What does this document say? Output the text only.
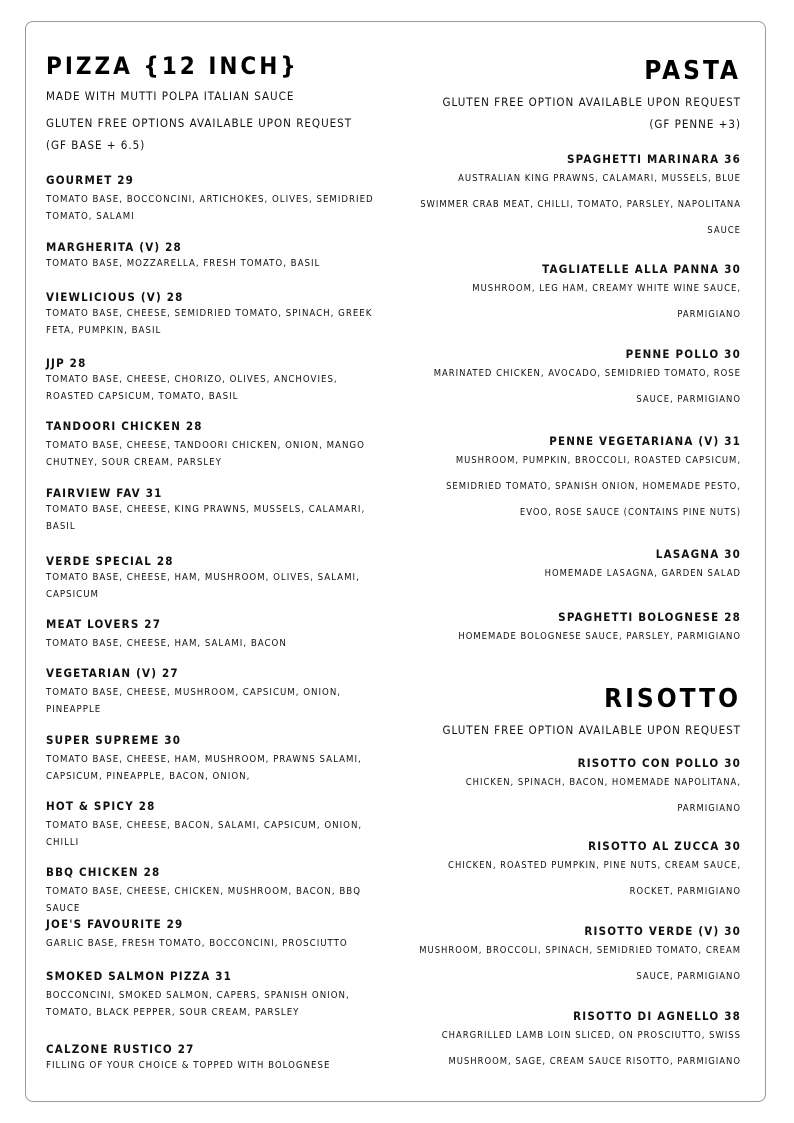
PIZZA {12 INCH}
MADE WITH MUTTI POLPA ITALIAN SAUCE
GLUTEN FREE OPTIONS AVAILABLE UPON REQUEST
(GF BASE + 6.5)
GOURMET 29
TOMATO BASE, BOCCONCINI, ARTICHOKES, OLIVES, SEMIDRIED TOMATO, SALAMI
MARGHERITA (V) 28
TOMATO BASE, MOZZARELLA, FRESH TOMATO, BASIL
VIEWLICIOUS (V) 28
TOMATO BASE, CHEESE, SEMIDRIED TOMATO, SPINACH, GREEK FETA, PUMPKIN, BASIL
JJP 28
TOMATO BASE, CHEESE, CHORIZO, OLIVES, ANCHOVIES, ROASTED CAPSICUM, TOMATO, BASIL
TANDOORI CHICKEN 28
TOMATO BASE, CHEESE, TANDOORI CHICKEN, ONION, MANGO CHUTNEY, SOUR CREAM, PARSLEY
FAIRVIEW FAV 31
TOMATO BASE, CHEESE, KING PRAWNS, MUSSELS, CALAMARI, BASIL
VERDE SPECIAL 28
TOMATO BASE, CHEESE, HAM, MUSHROOM, OLIVES, SALAMI, CAPSICUM
MEAT LOVERS 27
TOMATO BASE, CHEESE, HAM, SALAMI, BACON
VEGETARIAN (V) 27
TOMATO BASE, CHEESE, MUSHROOM, CAPSICUM, ONION, PINEAPPLE
SUPER SUPREME 30
TOMATO BASE, CHEESE, HAM, MUSHROOM, PRAWNS SALAMI, CAPSICUM, PINEAPPLE, BACON, ONION,
HOT & SPICY 28
TOMATO BASE, CHEESE, BACON, SALAMI, CAPSICUM, ONION, CHILLI
BBQ CHICKEN 28
TOMATO BASE, CHEESE, CHICKEN, MUSHROOM, BACON, BBQ SAUCE
JOE'S FAVOURITE 29
GARLIC BASE, FRESH TOMATO, BOCCONCINI, PROSCIUTTO
SMOKED SALMON PIZZA 31
BOCCONCINI, SMOKED SALMON, CAPERS, SPANISH ONION, TOMATO, BLACK PEPPER, SOUR CREAM, PARSLEY
CALZONE RUSTICO 27
FILLING OF YOUR CHOICE & TOPPED WITH BOLOGNESE
PASTA
GLUTEN FREE OPTION AVAILABLE UPON REQUEST
(GF PENNE +3)
SPAGHETTI MARINARA 36
AUSTRALIAN KING PRAWNS, CALAMARI, MUSSELS, BLUE SWIMMER CRAB MEAT, CHILLI, TOMATO, PARSLEY, NAPOLITANA SAUCE
TAGLIATELLE ALLA PANNA 30
MUSHROOM, LEG HAM, CREAMY WHITE WINE SAUCE, PARMIGIANO
PENNE POLLO 30
MARINATED CHICKEN, AVOCADO, SEMIDRIED TOMATO, ROSE SAUCE, PARMIGIANO
PENNE VEGETARIANA (V) 31
MUSHROOM, PUMPKIN, BROCCOLI, ROASTED CAPSICUM, SEMIDRIED TOMATO, SPANISH ONION, HOMEMADE PESTO, EVOO, ROSE SAUCE (CONTAINS PINE NUTS)
LASAGNA 30
HOMEMADE LASAGNA, GARDEN SALAD
SPAGHETTI BOLOGNESE 28
HOMEMADE BOLOGNESE SAUCE, PARSLEY, PARMIGIANO
RISOTTO
GLUTEN FREE OPTION AVAILABLE UPON REQUEST
RISOTTO CON POLLO 30
CHICKEN, SPINACH, BACON, HOMEMADE NAPOLITANA, PARMIGIANO
RISOTTO AL ZUCCA 30
CHICKEN, ROASTED PUMPKIN, PINE NUTS, CREAM SAUCE, ROCKET, PARMIGIANO
RISOTTO VERDE (V) 30
MUSHROOM, BROCCOLI, SPINACH, SEMIDRIED TOMATO, CREAM SAUCE, PARMIGIANO
RISOTTO DI AGNELLO 38
CHARGRILLED LAMB LOIN SLICED, ON PROSCIUTTO, SWISS MUSHROOM, SAGE, CREAM SAUCE RISOTTO, PARMIGIANO
